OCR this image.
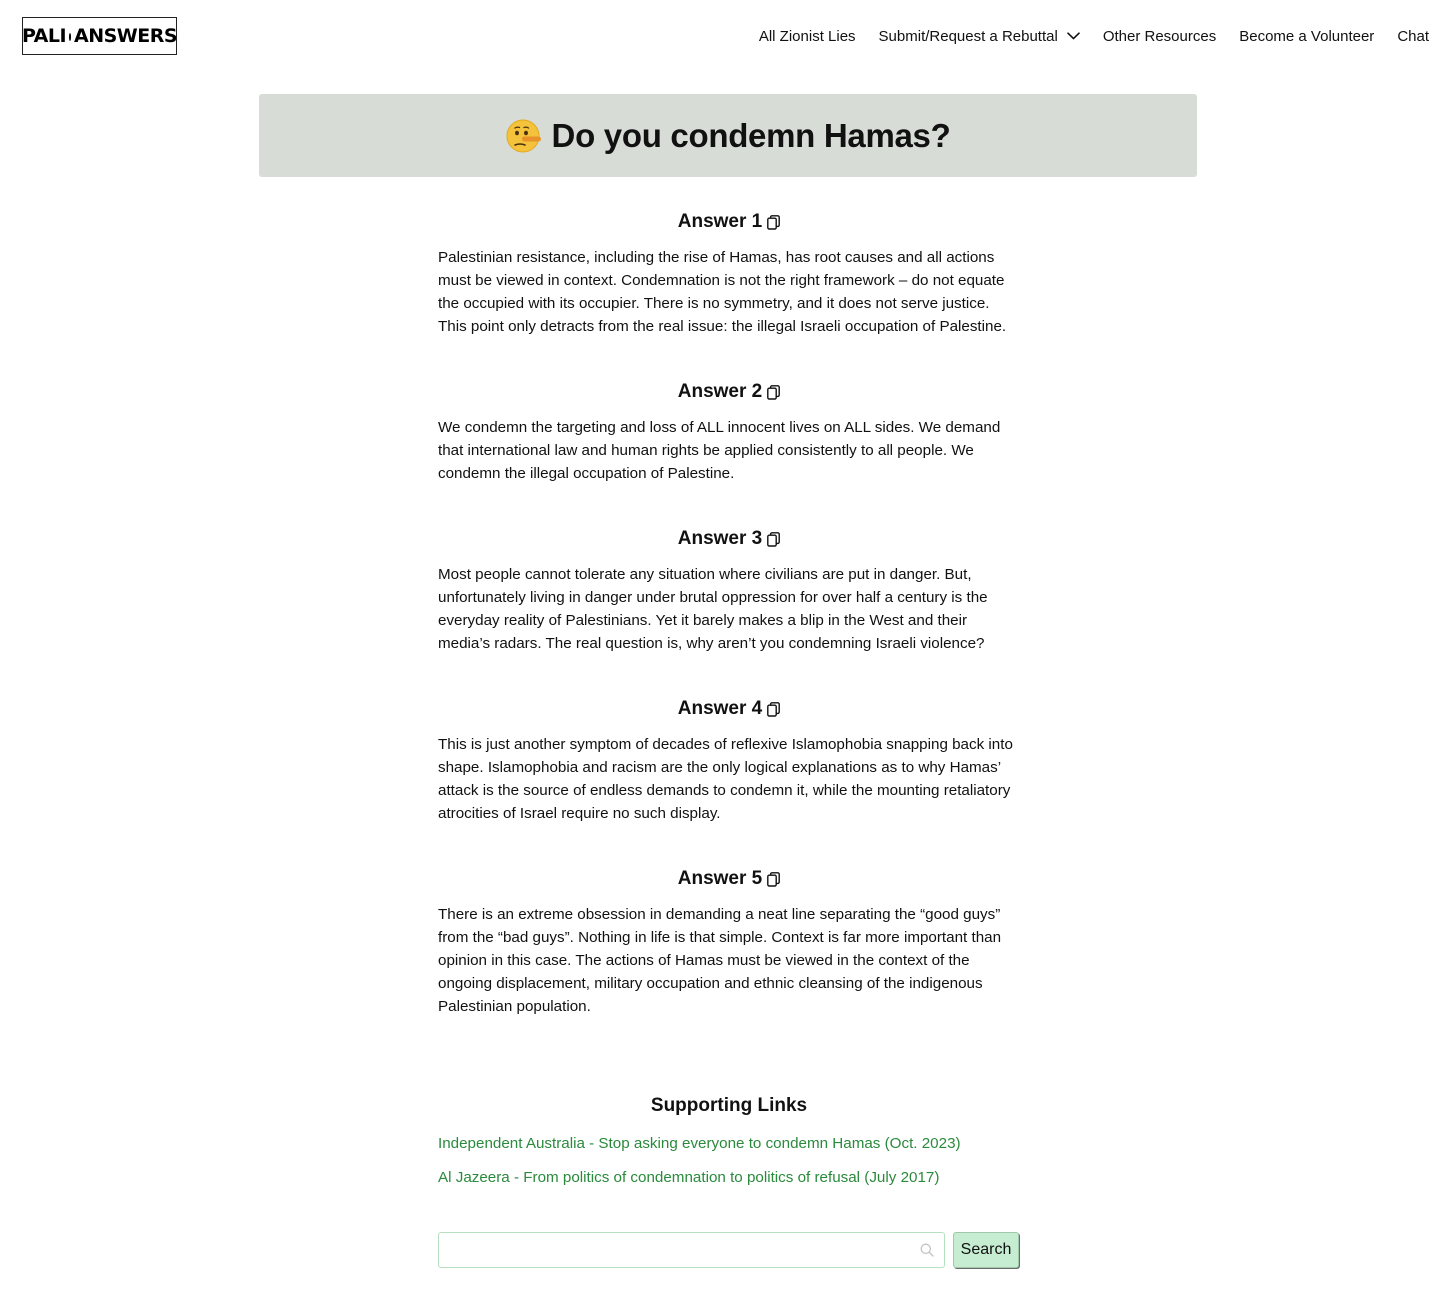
PALI ANSWERS	All Zionist Lies Submit/Request a Rebuttal	Other Resources Become a Volunteer Chat
Do you condemn Hamas?
Answer 1

Palestinian resistance, including the rise of Hamas, has root causes and all actions must be viewed in context. Condemnation is not the right framework – do not equate the occupied with its occupier. There is no symmetry, and it does not serve justice. This point only detracts from the real issue: the illegal Israeli occupation of Palestine.

Answer 2

We condemn the targeting and loss of ALL innocent lives on ALL sides. We demand that international law and human rights be applied consistently to all people. We condemn the illegal occupation of Palestine.

Answer 3

Most people cannot tolerate any situation where civilians are put in danger. But, unfortunately living in danger under brutal oppression for over half a century is the everyday reality of Palestinians. Yet it barely makes a blip in the West and their media’s radars. The real question is, why aren’t you condemning Israeli violence?

Answer 4

This is just another symptom of decades of reflexive Islamophobia snapping back into shape. Islamophobia and racism are the only logical explanations as to why Hamas’ attack is the source of endless demands to condemn it, while the mounting retaliatory atrocities of Israel require no such display.

Answer 5

There is an extreme obsession in demanding a neat line separating the “good guys” from the “bad guys”. Nothing in life is that simple. Context is far more important than opinion in this case. The actions of Hamas must be viewed in the context of the ongoing displacement, military occupation and ethnic cleansing of the indigenous Palestinian population.

Supporting Links
Independent Australia - Stop asking everyone to condemn Hamas (Oct. 2023)
Al Jazeera - From politics of condemnation to politics of refusal (July 2017)
Search
